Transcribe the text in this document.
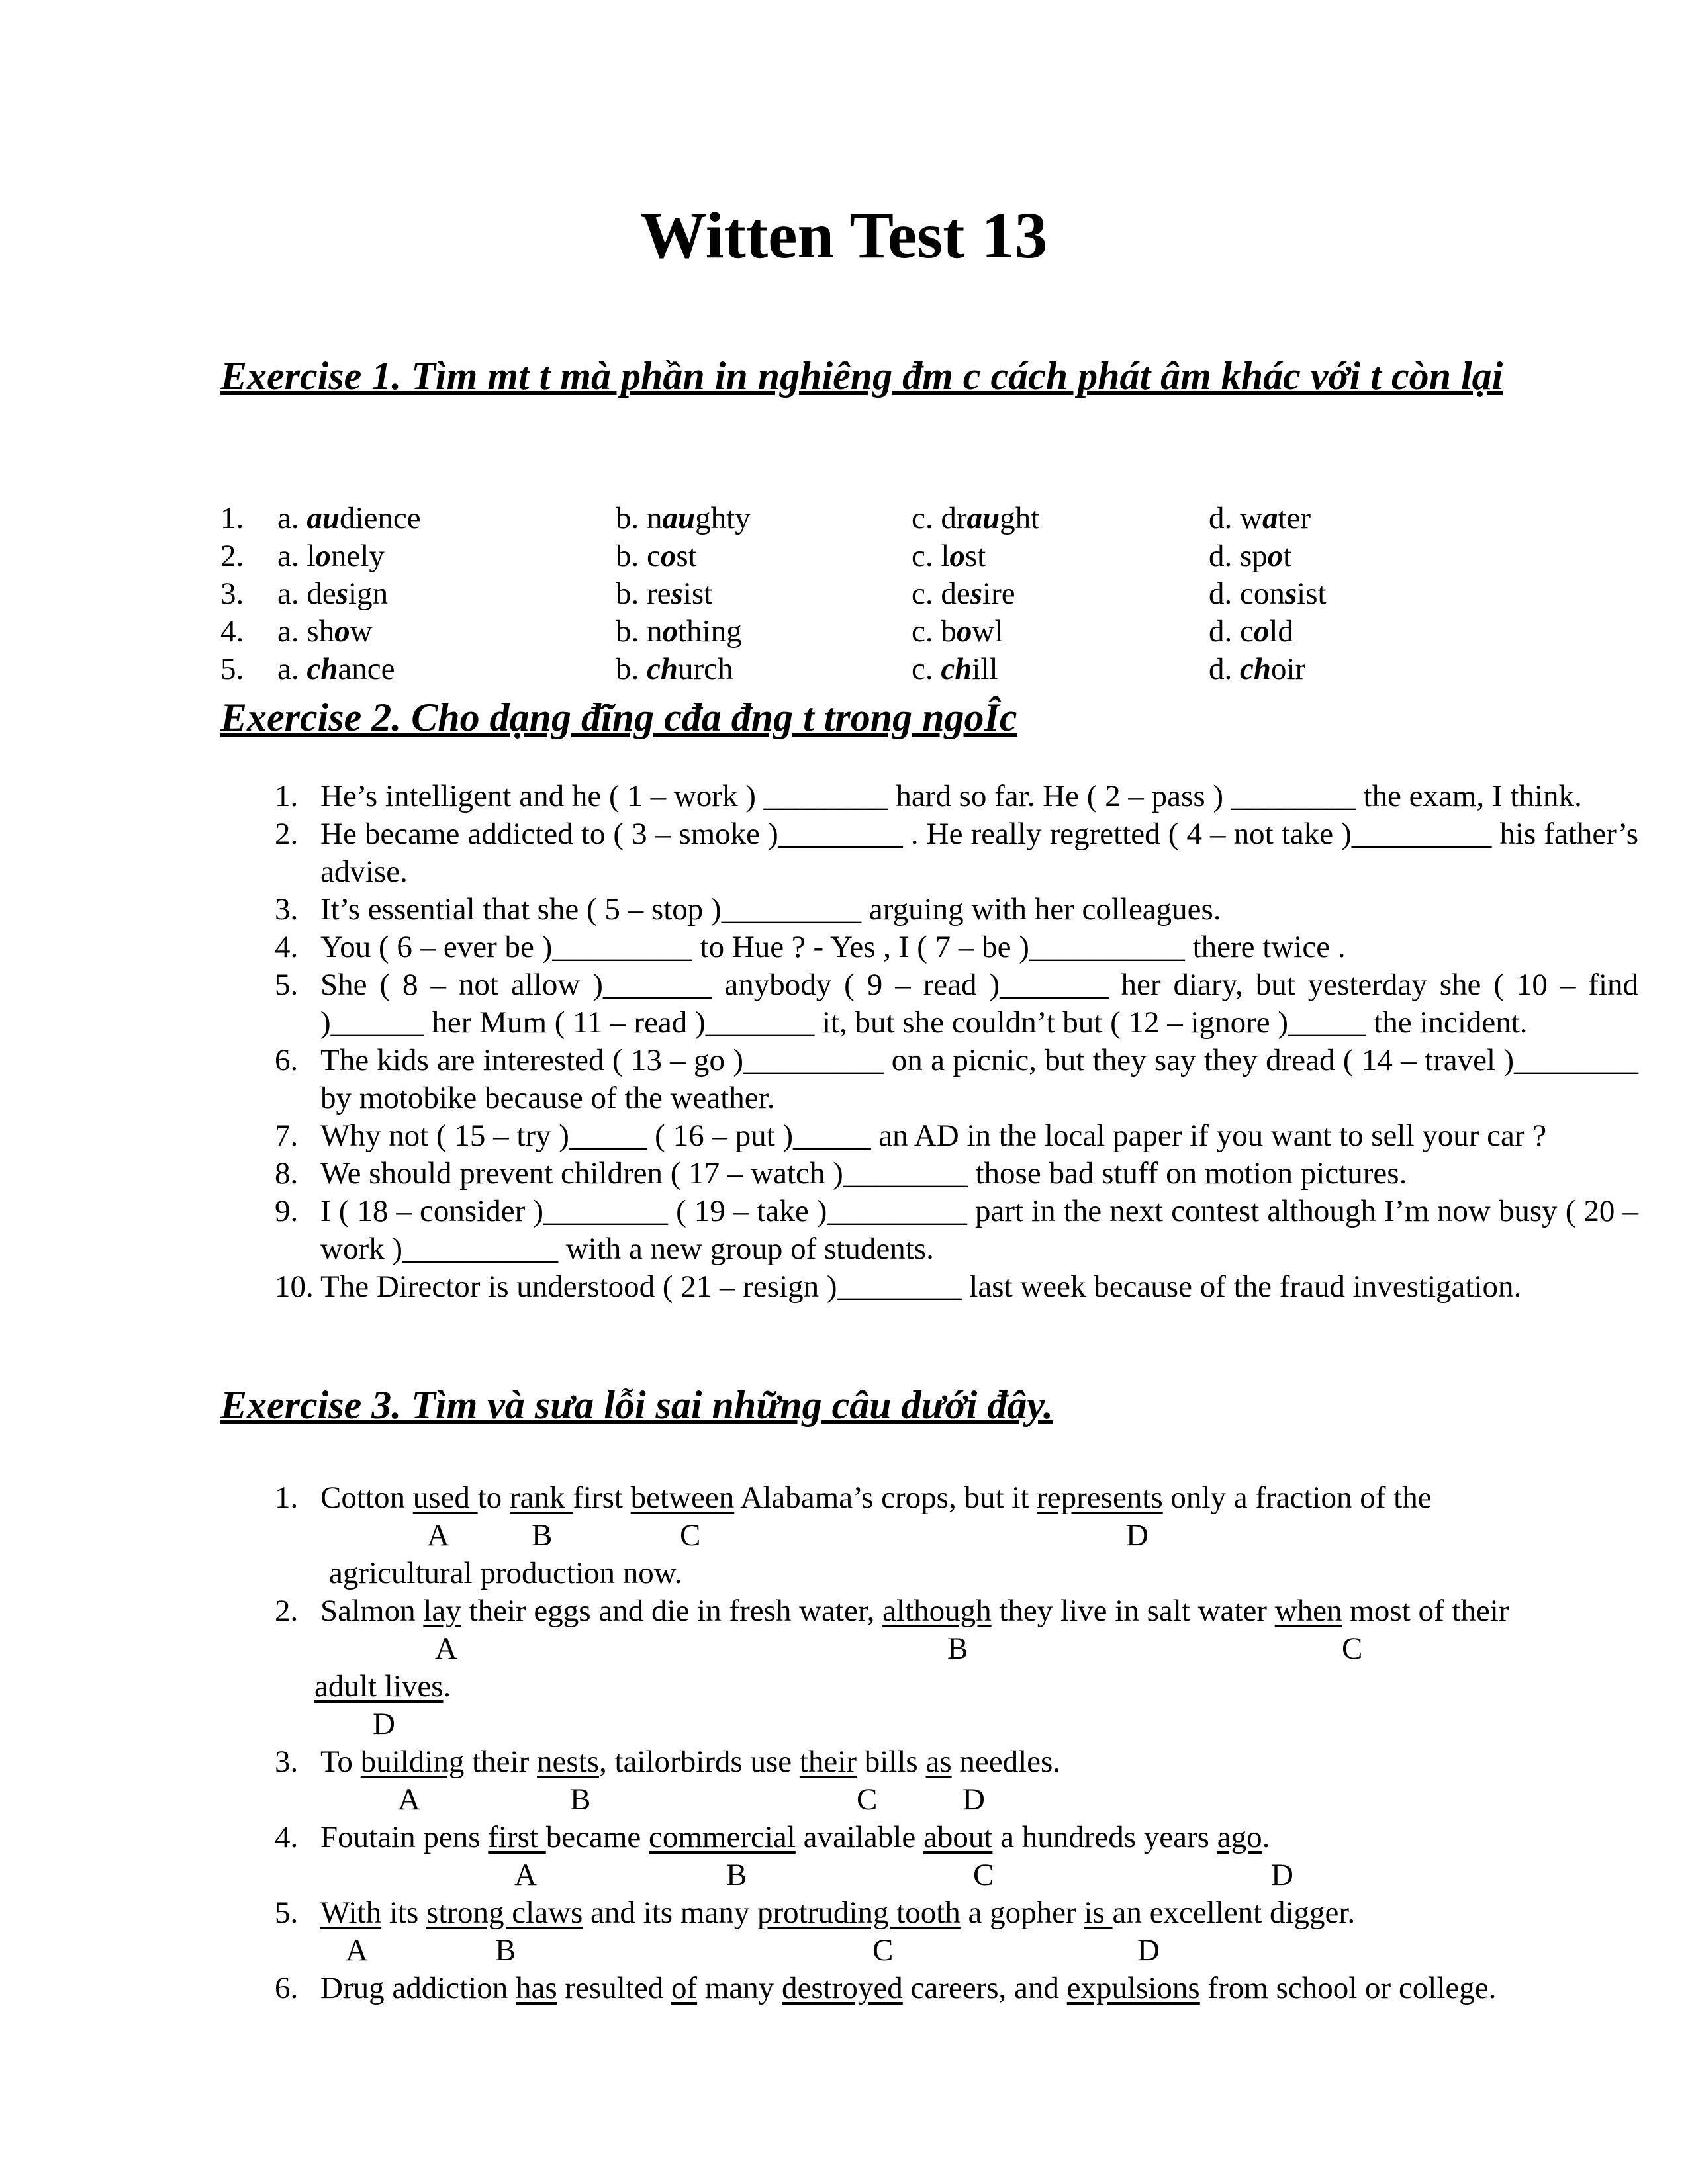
Witten Test 13
Exercise 1. Tìm mt t mà phần in nghiêng đm c cách phát âm khác với t còn lại
1.	a. audience	b. naughty	c. draught	d. water
2.	a. lonely	b. cost	c. lost	d. spot
3.	a. design	b. resist	c. desire	d. consist
4.	a. show	b. nothing	c. bowl	d. cold
5.	a. chance	b. church	c. chill	d. choir
Exercise 2. Cho dạng đĩng cđa đng t trong ngoÎc
1. He’s intelligent and he ( 1 – work ) ________ hard so far. He ( 2 – pass ) ________ the exam, I think.
2. He became addicted to ( 3 – smoke )________ . He really regretted ( 4 – not take )_________ his father’s advise.
3. It’s essential that she ( 5 – stop )_________ arguing with her colleagues.
4. You ( 6 – ever be )_________ to Hue ? - Yes , I ( 7 – be )__________ there twice .
5. She ( 8 – not allow )_______ anybody ( 9 – read )_______ her diary, but yesterday she ( 10 – find )______ her Mum ( 11 – read )_______ it, but she couldn’t but ( 12 – ignore )_____ the incident.
6. The kids are interested ( 13 – go )_________ on a picnic, but they say they dread ( 14 – travel )________ by motobike because of the weather.
7. Why not ( 15 – try )_____ ( 16 – put )_____ an AD in the local paper if you want to sell your car ?
8. We should prevent children ( 17 – watch )________ those bad stuff on motion pictures.
9. I ( 18 – consider )________ ( 19 – take )_________ part in the next contest although I’m now busy ( 20 – work )__________ with a new group of students.
10. The Director is understood ( 21 – resign )________ last week because of the fraud investigation.
Exercise 3. Tìm và sưa lỗi sai những câu dưới đây.
1. Cotton used to rank first between Alabama’s crops, but it represents only a fraction of the
A	B	C	D
agricultural production now.
2. Salmon lay their eggs and die in fresh water, although they live in salt water when most of their
A	B	C
adult lives.
D
3. To building their nests, tailorbirds use their bills as needles.
A	B	C	D
4. Foutain pens first became commercial available about a hundreds years ago.
A	B	C	D
5. With its strong claws and its many protruding tooth a gopher is an excellent digger.
A	B	C	D
6. Drug addiction has resulted of many destroyed careers, and expulsions from school or college.
